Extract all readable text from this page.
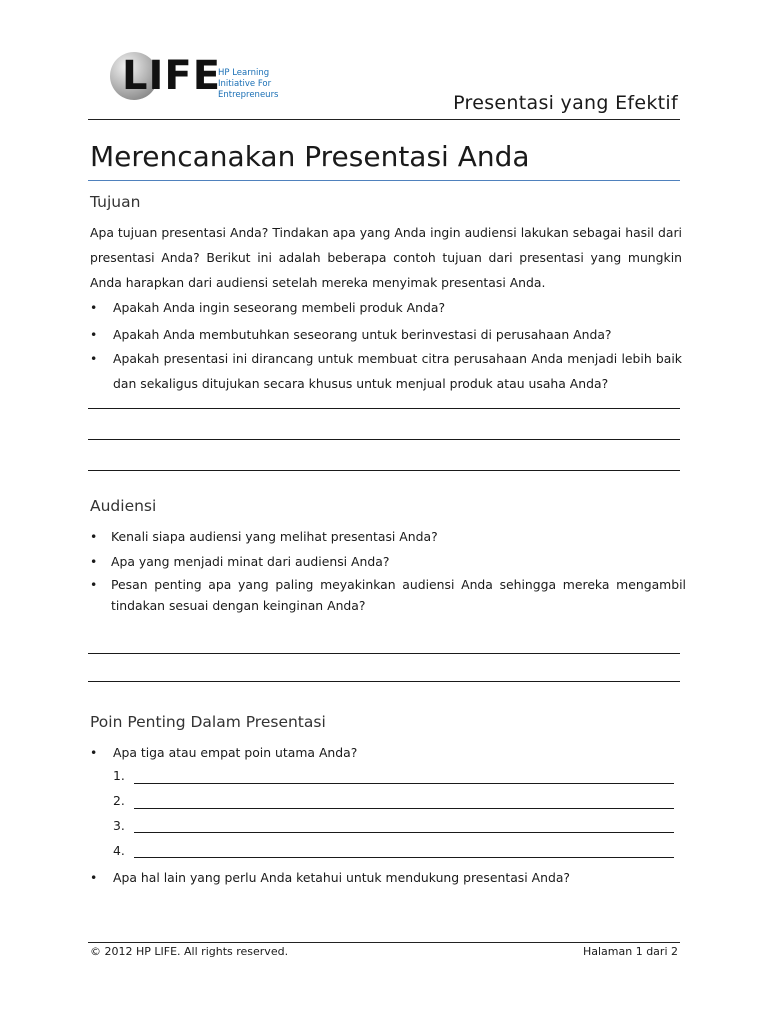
LIFE
HP Learning
Initiative For
Entrepreneurs	Presentasi yang Efektif
Merencanakan Presentasi Anda
Tujuan
Apa tujuan presentasi Anda? Tindakan apa yang Anda ingin audiensi lakukan sebagai hasil dari presentasi Anda? Berikut ini adalah beberapa contoh tujuan dari presentasi yang mungkin Anda harapkan dari audiensi setelah mereka menyimak presentasi Anda.
•	Apakah Anda ingin seseorang membeli produk Anda?
•	Apakah Anda membutuhkan seseorang untuk berinvestasi di perusahaan Anda?
•	Apakah presentasi ini dirancang untuk membuat citra perusahaan Anda menjadi lebih baik dan sekaligus ditujukan secara khusus untuk menjual produk atau usaha Anda?
Audiensi
• Kenali siapa audiensi yang melihat presentasi Anda?
• Apa yang menjadi minat dari audiensi Anda?
• Pesan penting apa yang paling meyakinkan audiensi Anda sehingga mereka mengambil tindakan sesuai dengan keinginan Anda?
Poin Penting Dalam Presentasi
•	Apa tiga atau empat poin utama Anda?
1.
2.
3.
4.
•	Apa hal lain yang perlu Anda ketahui untuk mendukung presentasi Anda?
© 2012 HP LIFE. All rights reserved.	Halaman 1 dari 2
